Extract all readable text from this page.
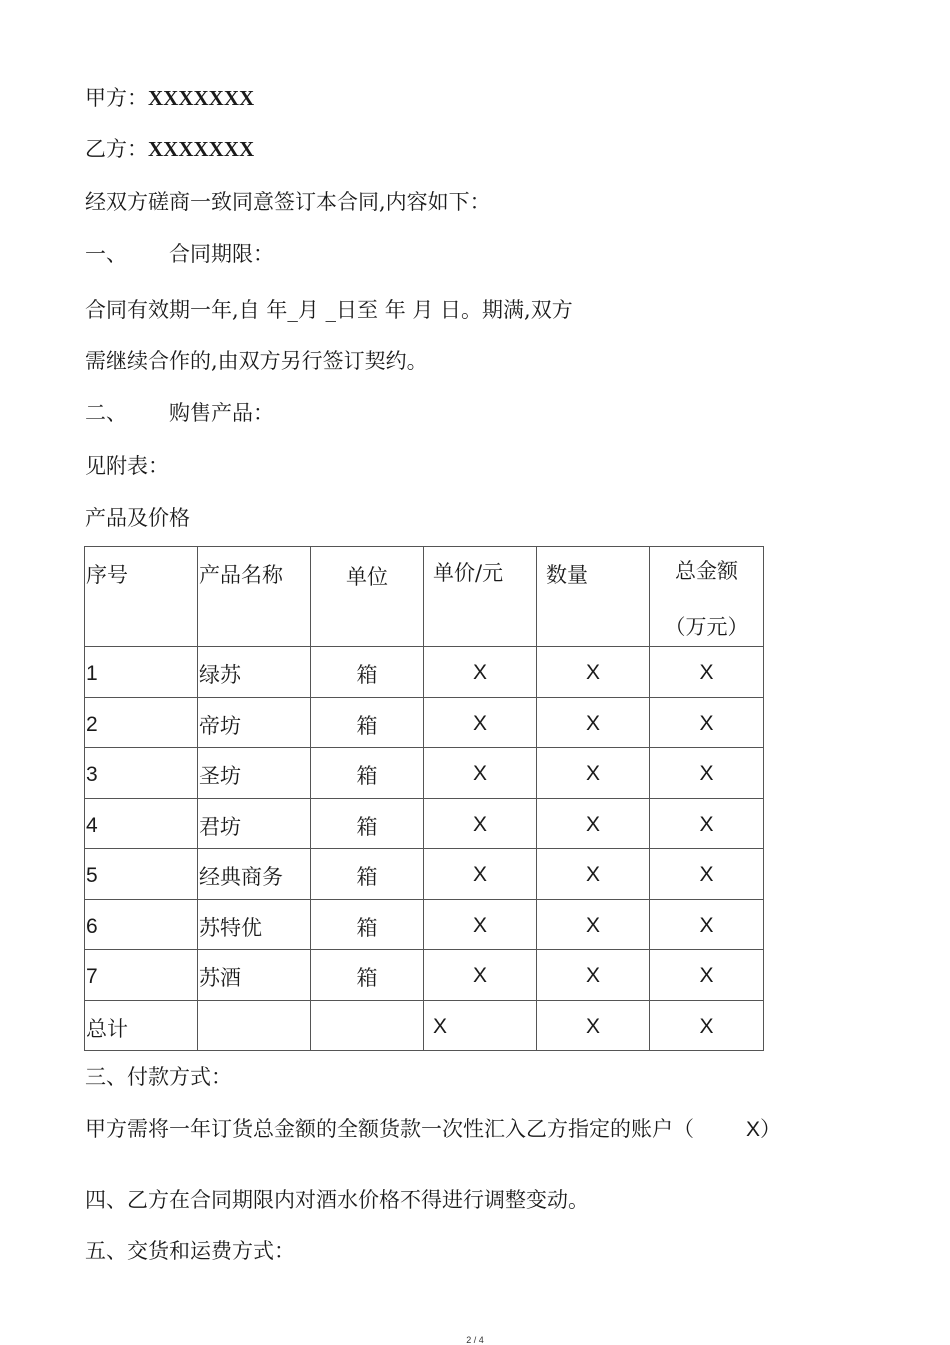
甲方：XXXXXXX
乙方：XXXXXXX
经双方磋商一致同意签订本合同,内容如下：
一、 合同期限：
合同有效期一年,自 年_月 _日至 年 月 日。期满,双方
需继续合作的,由双方另行签订契约。
二、 购售产品：
见附表：
产品及价格
序号	产品名称	单位	单价/元	数量	总金额
（万元）

1	绿苏	箱	X	X	X

2	帝坊	箱	X	X	X

3	圣坊	箱	X	X	X

4	君坊	箱	X	X	X

5	经典商务	箱	X	X	X

6	苏特优	箱	X	X	X

7	苏酒	箱	X	X	X

总计			X	X	X
三、付款方式：
甲方需将一年订货总金额的全额货款一次性汇入乙方指定的账户（ X）
四、乙方在合同期限内对酒水价格不得进行调整变动。
五、交货和运费方式：
2 / 4
